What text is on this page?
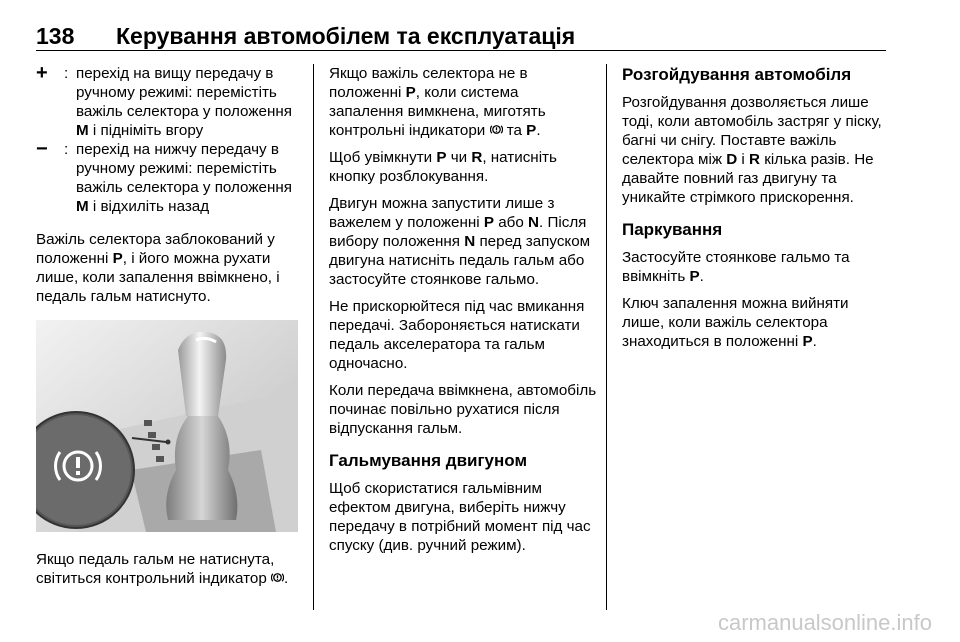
138	Керування автомобілем та експлуатація
+	: перехід на вищу передачу в ручному режимі: перемістіть важіль селектора у положення M і підніміть вгору
−	: перехід на нижчу передачу в ручному режимі: перемістіть важіль селектора у положення M і відхиліть назад

Важіль селектора заблокований у положенні P, і його можна рухати лише, коли запалення ввімкнено, і педаль гальм натиснуто.

Якщо педаль гальм не натиснута, світиться контрольний індикатор .

Якщо важіль селектора не в положенні P, коли система запалення вимкнена, миготять контрольні індикатори  та P.

Щоб увімкнути P чи R, натисніть кнопку розблокування.

Двигун можна запустити лише з важелем у положенні P або N. Після вибору положення N перед запуском двигуна натисніть педаль гальм або застосуйте стоянкове гальмо.

Не прискорюйтеся під час вмикання передачі. Забороняється натискати педаль акселератора та гальм одночасно.

Коли передача ввімкнена, автомобіль починає повільно рухатися після відпускання гальм.

Гальмування двигуном

Щоб скористатися гальмівним ефектом двигуна, виберіть нижчу передачу в потрібний момент під час спуску (див. ручний режим).

Розгойдування автомобіля

Розгойдування дозволяється лише тоді, коли автомобіль застряг у піску, багні чи снігу. Поставте важіль селектора між D і R кілька разів. Не давайте повний газ двигуну та уникайте стрімкого прискорення.

Паркування

Застосуйте стоянкове гальмо та ввімкніть P.

Ключ запалення можна вийняти лише, коли важіль селектора знаходиться в положенні P.

carmanualsonline.info
